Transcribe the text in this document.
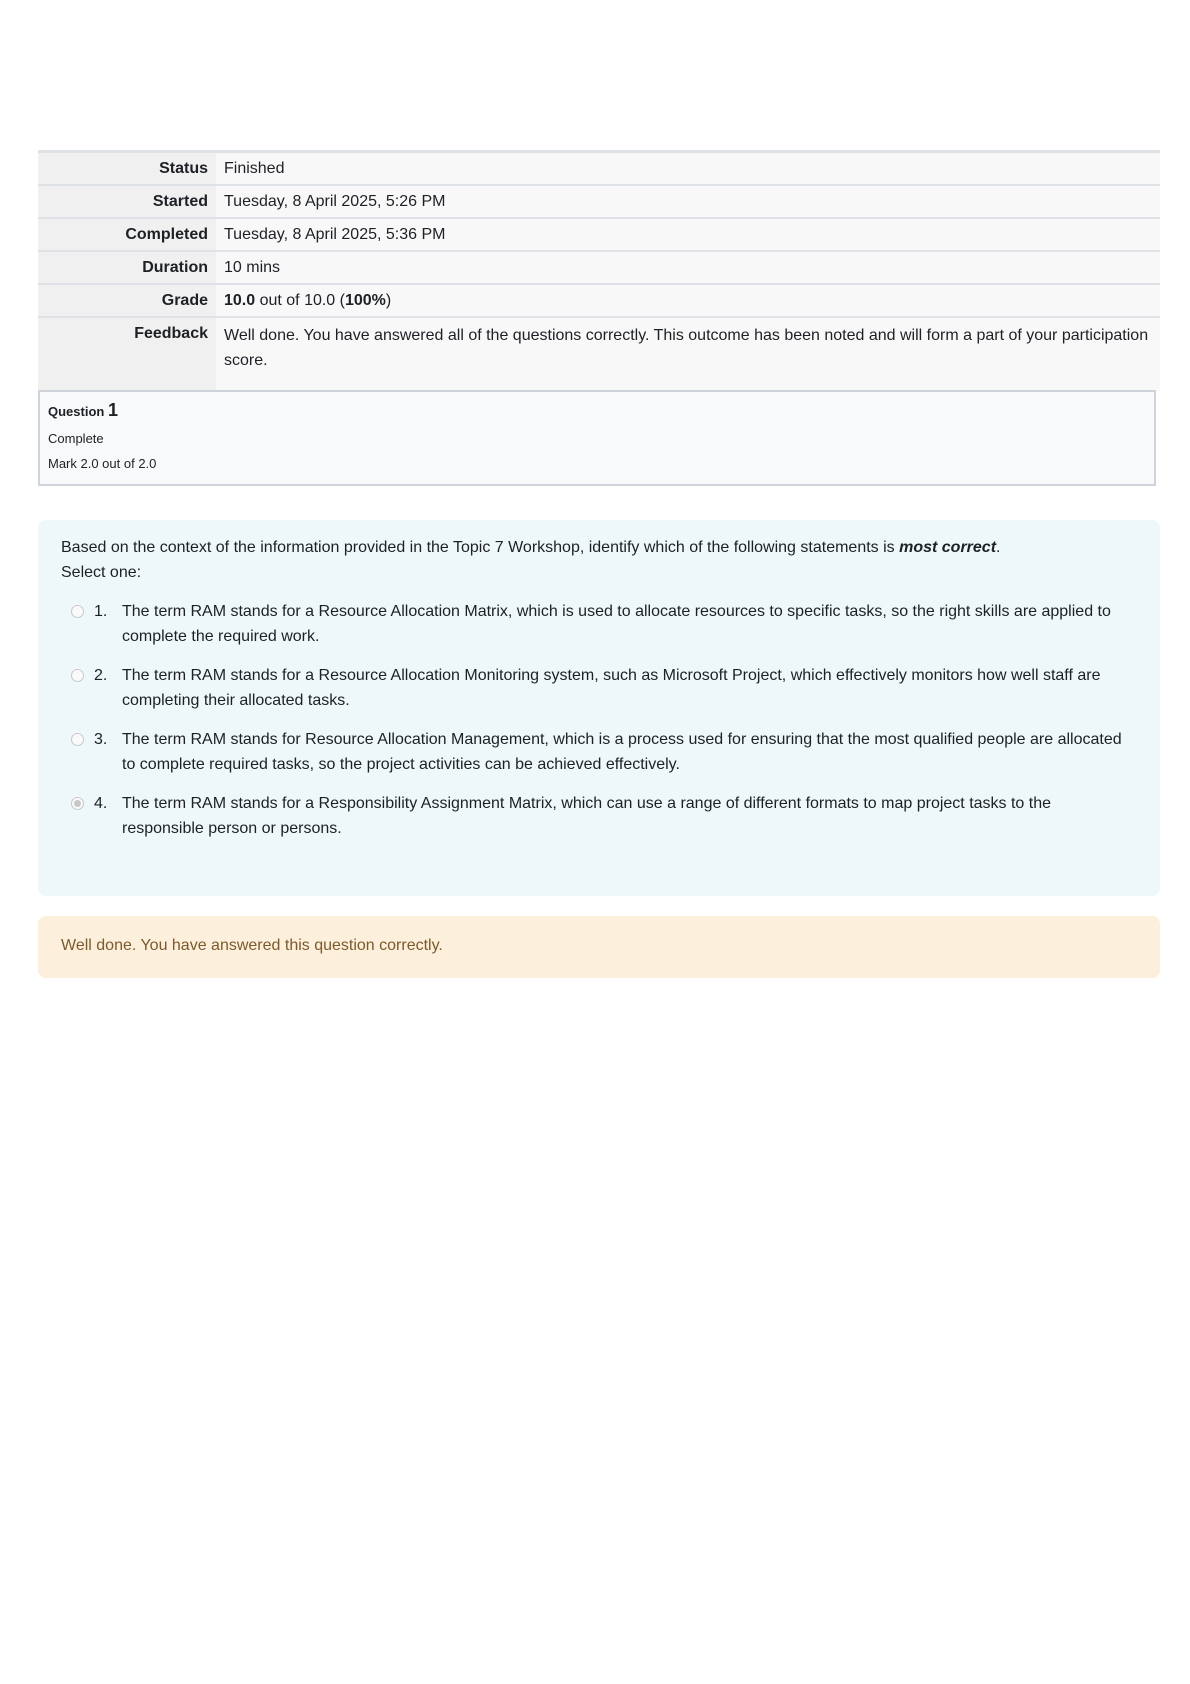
Status	Finished
Started	Tuesday, 8 April 2025, 5:26 PM
Completed	Tuesday, 8 April 2025, 5:36 PM
Duration	10 mins
Grade	10.0 out of 10.0 (100%)
Feedback	Well done. You have answered all of the questions correctly. This outcome has been noted and will form a part of your participation score.
Question 1
Complete
Mark 2.0 out of 2.0

Based on the context of the information provided in the Topic 7 Workshop, identify which of the following statements is most correct.

Select one:

1. The term RAM stands for a Resource Allocation Matrix, which is used to allocate resources to specific tasks, so the right skills are applied to complete the required work.
2. The term RAM stands for a Resource Allocation Monitoring system, such as Microsoft Project, which effectively monitors how well staff are completing their allocated tasks.
3. The term RAM stands for Resource Allocation Management, which is a process used for ensuring that the most qualified people are allocated to complete required tasks, so the project activities can be achieved effectively.
4. The term RAM stands for a Responsibility Assignment Matrix, which can use a range of different formats to map project tasks to the responsible person or persons.
Well done. You have answered this question correctly.
